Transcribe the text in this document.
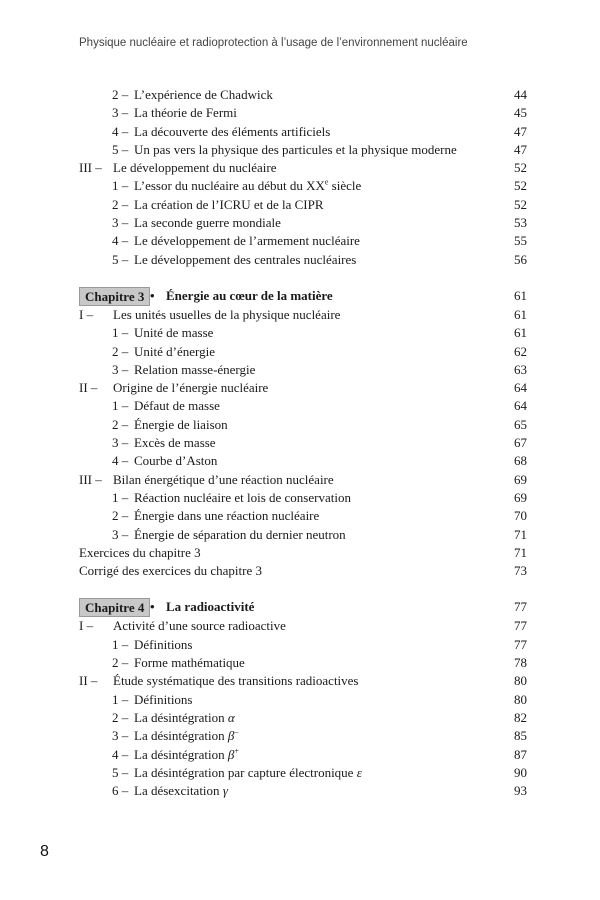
Physique nucléaire et radioprotection à l’usage de l’environnement nucléaire
2 – L’expérience de Chadwick	44
3 – La théorie de Fermi	45
4 – La découverte des éléments artificiels	47
5 – Un pas vers la physique des particules et la physique moderne	47
III – Le développement du nucléaire	52
1 – L’essor du nucléaire au début du XXe siècle	52
2 – La création de l’ICRU et de la CIPR	52
3 – La seconde guerre mondiale	53
4 – Le développement de l’armement nucléaire	55
5 – Le développement des centrales nucléaires	56
Chapitre 3 • Énergie au cœur de la matière	61
I – Les unités usuelles de la physique nucléaire	61
1 – Unité de masse	61
2 – Unité d’énergie	62
3 – Relation masse-énergie	63
II – Origine de l’énergie nucléaire	64
1 – Défaut de masse	64
2 – Énergie de liaison	65
3 – Excès de masse	67
4 – Courbe d’Aston	68
III – Bilan énergétique d’une réaction nucléaire	69
1 – Réaction nucléaire et lois de conservation	69
2 – Énergie dans une réaction nucléaire	70
3 – Énergie de séparation du dernier neutron	71
Exercices du chapitre 3	71
Corrigé des exercices du chapitre 3	73
Chapitre 4 • La radioactivité	77
I – Activité d’une source radioactive	77
1 – Définitions	77
2 – Forme mathématique	78
II – Étude systématique des transitions radioactives	80
1 – Définitions	80
2 – La désintégration α	82
3 – La désintégration β–	85
4 – La désintégration β+	87
5 – La désintégration par capture électronique ε	90
6 – La désexcitation γ	93
8
